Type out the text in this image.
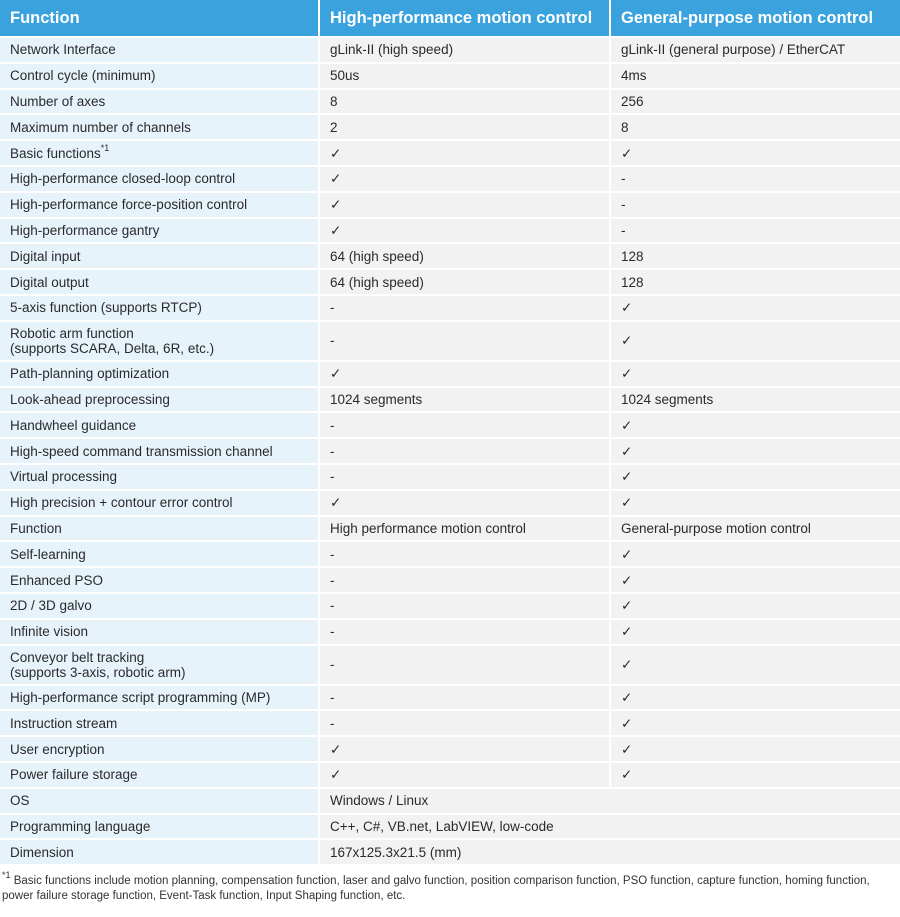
Function	High-performance motion control	General-purpose motion control

Network Interface	gLink-II (high speed)	gLink-II (general purpose) / EtherCAT

Control cycle (minimum)	50us	4ms

Number of axes	8	256

Maximum number of channels	2	8

Basic functions$^{*1}$	✓	✓

High-performance closed-loop control	✓	-

High-performance force-position control	✓	-

High-performance gantry	✓	-

Digital input	64 (high speed)	128

Digital output	64 (high speed)	128

5-axis function (supports RTCP)	-	✓

Robotic arm function
(supports SCARA, Delta, 6R, etc.)	-	✓

Path-planning optimization	✓	✓

Look-ahead preprocessing	1024 segments	1024 segments

Handwheel guidance	-	✓

High-speed command transmission channel	-	✓

Virtual processing	-	✓

High precision + contour error control	✓	✓

Function	High performance motion control	General-purpose motion control

Self-learning	-	✓

Enhanced PSO	-	✓

2D / 3D galvo	-	✓

Infinite vision	-	✓

Conveyor belt tracking
(supports 3-axis, robotic arm)	-	✓

High-performance script programming (MP)	-	✓

Instruction stream	-	✓

User encryption	✓	✓

Power failure storage	✓	✓

OS	Windows / Linux	

Programming language	C++, C#, VB.net, LabVIEW, low-code	

Dimension	167x125.3x21.5 (mm)	
$^{*1}$ Basic functions include motion planning, compensation function, laser and galvo function, position comparison function, PSO function, capture function, homing function,
power failure storage function, Event-Task function, Input Shaping function, etc.
